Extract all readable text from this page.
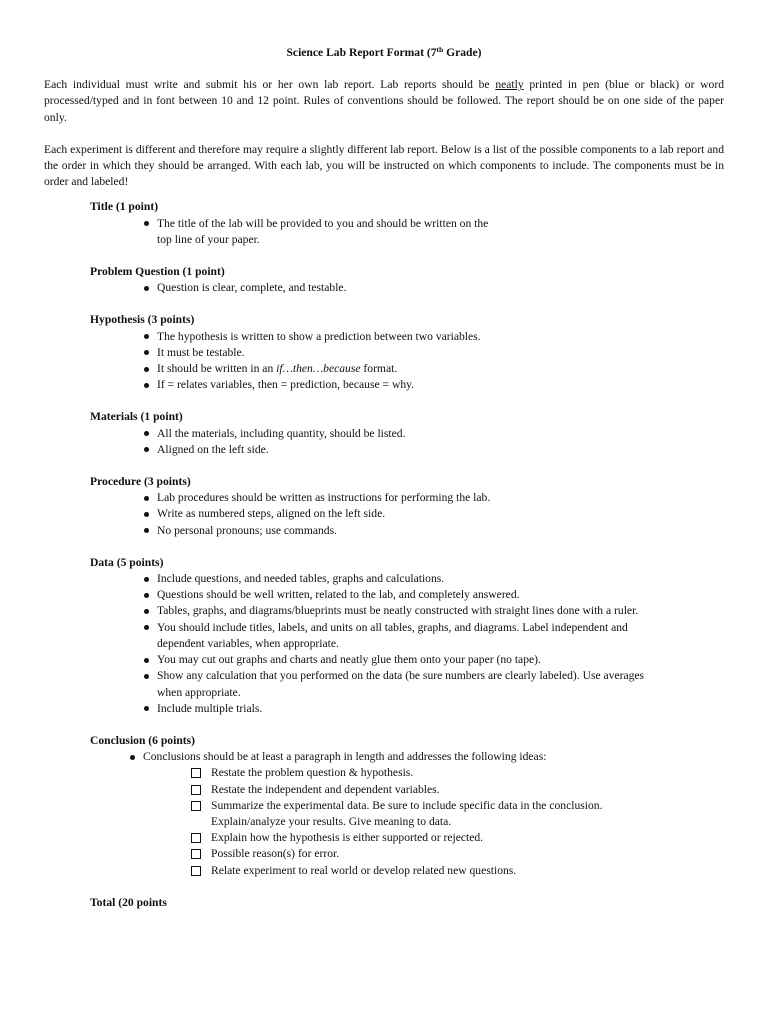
Science Lab Report Format (7th Grade)

Each individual must write and submit his or her own lab report. Lab reports should be neatly printed in pen (blue or black) or word processed/typed and in font between 10 and 12 point. Rules of conventions should be followed. The report should be on one side of the paper only.

Each experiment is different and therefore may require a slightly different lab report. Below is a list of the possible components to a lab report and the order in which they should be arranged. With each lab, you will be instructed on which components to include. The components must be in order and labeled!

Title (1 point)
The title of the lab will be provided to you and should be written on the
top line of your paper.
Problem Question (1 point)
Question is clear, complete, and testable.
Hypothesis (3 points)
The hypothesis is written to show a prediction between two variables.
It must be testable.
It should be written in an if…then…because format.
If = relates variables, then = prediction, because = why.
Materials (1 point)
All the materials, including quantity, should be listed.
Aligned on the left side.
Procedure (3 points)
Lab procedures should be written as instructions for performing the lab.
Write as numbered steps, aligned on the left side.
No personal pronouns; use commands.
Data (5 points)
Include questions, and needed tables, graphs and calculations.
Questions should be well written, related to the lab, and completely answered.
Tables, graphs, and diagrams/blueprints must be neatly constructed with straight lines done with a ruler.
You should include titles, labels, and units on all tables, graphs, and diagrams. Label independent and
dependent variables, when appropriate.
You may cut out graphs and charts and neatly glue them onto your paper (no tape).
Show any calculation that you performed on the data (be sure numbers are clearly labeled). Use averages
when appropriate.
Include multiple trials.
Conclusion (6 points)
Conclusions should be at least a paragraph in length and addresses the following ideas:
Restate the problem question & hypothesis.
Restate the independent and dependent variables.
Summarize the experimental data. Be sure to include specific data in the conclusion.
Explain/analyze your results. Give meaning to data.
Explain how the hypothesis is either supported or rejected.
Possible reason(s) for error.
Relate experiment to real world or develop related new questions.
Total (20 points
